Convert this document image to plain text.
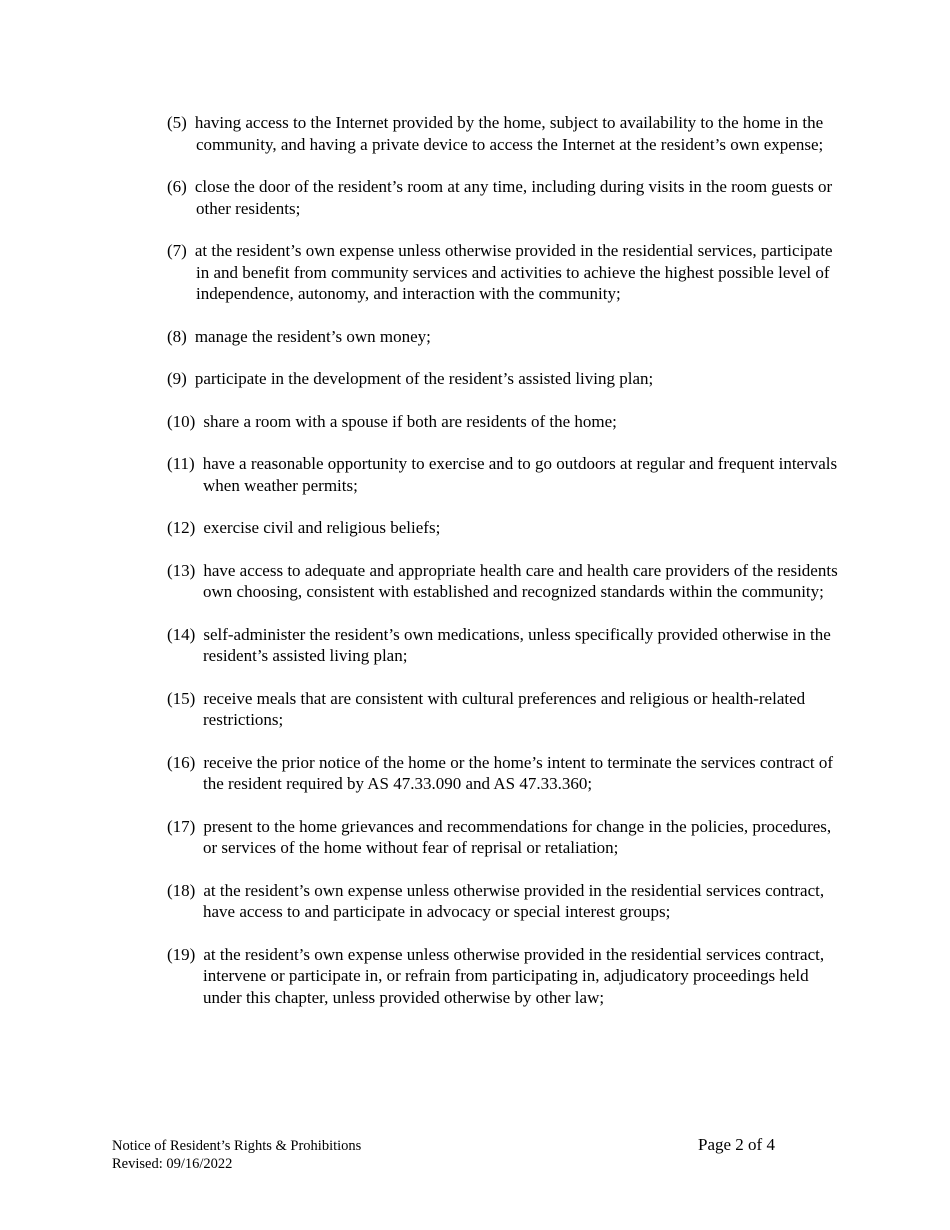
(5) having access to the Internet provided by the home, subject to availability to the home in the community, and having a private device to access the Internet at the resident’s own expense;
(6) close the door of the resident’s room at any time, including during visits in the room guests or other residents;
(7) at the resident’s own expense unless otherwise provided in the residential services, participate in and benefit from community services and activities to achieve the highest possible level of independence, autonomy, and interaction with the community;
(8) manage the resident’s own money;
(9) participate in the development of the resident’s assisted living plan;
(10) share a room with a spouse if both are residents of the home;
(11) have a reasonable opportunity to exercise and to go outdoors at regular and frequent intervals when weather permits;
(12) exercise civil and religious beliefs;
(13) have access to adequate and appropriate health care and health care providers of the residents own choosing, consistent with established and recognized standards within the community;
(14) self-administer the resident’s own medications, unless specifically provided otherwise in the resident’s assisted living plan;
(15) receive meals that are consistent with cultural preferences and religious or health-related restrictions;
(16) receive the prior notice of the home or the home’s intent to terminate the services contract of the resident required by AS 47.33.090 and AS 47.33.360;
(17) present to the home grievances and recommendations for change in the policies, procedures, or services of the home without fear of reprisal or retaliation;
(18) at the resident’s own expense unless otherwise provided in the residential services contract, have access to and participate in advocacy or special interest groups;
(19) at the resident’s own expense unless otherwise provided in the residential services contract, intervene or participate in, or refrain from participating in, adjudicatory proceedings held under this chapter, unless provided otherwise by other law;
Notice of Resident’s Rights & Prohibitions
Revised: 09/16/2022
Page 2 of 4
